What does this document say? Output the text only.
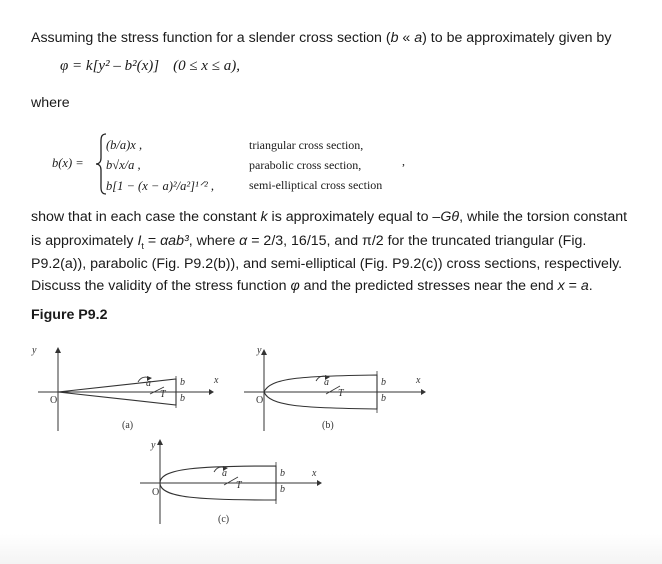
Assuming the stress function for a slender cross section (b « a) to be approximately given by
φ = k[y² – b²(x)] (0 ≤ x ≤ a),
where
b(x) =
(b/a)x ,
b√x/a ,
b[1 − (x − a)²/a²]¹ᐟ² ,
triangular cross section,
parabolic cross section,
semi-elliptical cross section
,
show that in each case the constant k is approximately equal to –Gθ, while the torsion constant
is approximately $I_t = \alpha ab^3$, where α = 2/3, 16/15, and π/2 for the truncated triangular (Fig.
P9.2(a)), parabolic (Fig. P9.2(b)), and semi-elliptical (Fig. P9.2(c)) cross sections, respectively.
Discuss the validity of the stress function φ and the predicted stresses near the end x = a.
Figure P9.2
y
O
a
T
b
b
x
(a)
y
O
a
T
b
b
x
(b)
y
O
a
T
b
b
x
(c)
